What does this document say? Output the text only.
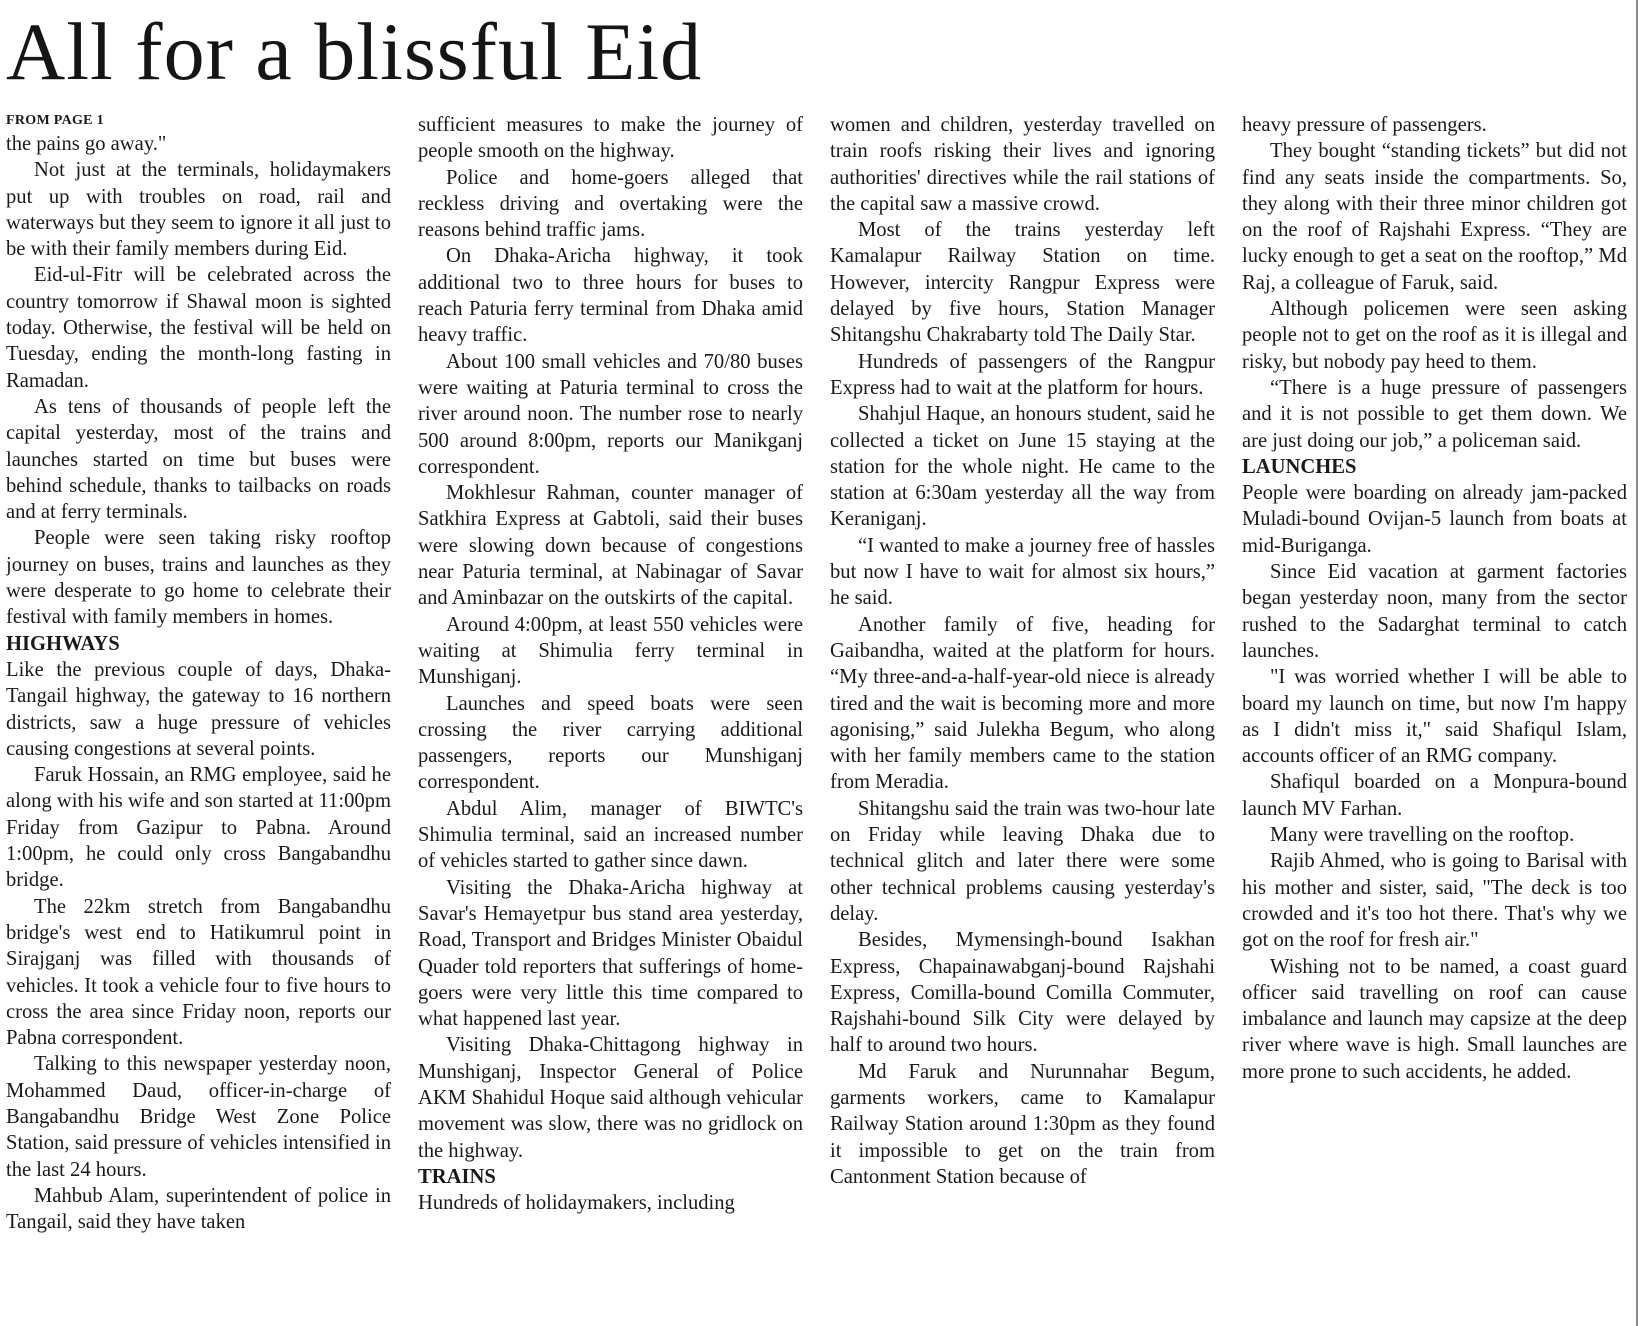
All for a blissful Eid
FROM PAGE 1

the pains go away."

Not just at the terminals, holidaymakers put up with troubles on road, rail and waterways but they seem to ignore it all just to be with their family members during Eid.

Eid-ul-Fitr will be celebrated across the country tomorrow if Shawal moon is sighted today. Otherwise, the festival will be held on Tuesday, ending the month-long fasting in Ramadan.

As tens of thousands of people left the capital yesterday, most of the trains and launches started on time but buses were behind schedule, thanks to tailbacks on roads and at ferry terminals.

People were seen taking risky rooftop journey on buses, trains and launches as they were desperate to go home to celebrate their festival with family members in homes.

HIGHWAYS

Like the previous couple of days, Dhaka-Tangail highway, the gateway to 16 northern districts, saw a huge pressure of vehicles causing congestions at several points.

Faruk Hossain, an RMG employee, said he along with his wife and son started at 11:00pm Friday from Gazipur to Pabna. Around 1:00pm, he could only cross Bangabandhu bridge.

The 22km stretch from Bangabandhu bridge's west end to Hatikumrul point in Sirajganj was filled with thousands of vehicles. It took a vehicle four to five hours to cross the area since Friday noon, reports our Pabna correspondent.

Talking to this newspaper yesterday noon, Mohammed Daud, officer-in-charge of Bangabandhu Bridge West Zone Police Station, said pressure of vehicles intensified in the last 24 hours.

Mahbub Alam, superintendent of police in Tangail, said they have taken

sufficient measures to make the journey of people smooth on the highway.

Police and home-goers alleged that reckless driving and overtaking were the reasons behind traffic jams.

On Dhaka-Aricha highway, it took additional two to three hours for buses to reach Paturia ferry terminal from Dhaka amid heavy traffic.

About 100 small vehicles and 70/80 buses were waiting at Paturia terminal to cross the river around noon. The number rose to nearly 500 around 8:00pm, reports our Manikganj correspondent.

Mokhlesur Rahman, counter manager of Satkhira Express at Gabtoli, said their buses were slowing down because of congestions near Paturia terminal, at Nabinagar of Savar and Aminbazar on the outskirts of the capital.

Around 4:00pm, at least 550 vehicles were waiting at Shimulia ferry terminal in Munshiganj.

Launches and speed boats were seen crossing the river carrying additional passengers, reports our Munshiganj correspondent.

Abdul Alim, manager of BIWTC's Shimulia terminal, said an increased number of vehicles started to gather since dawn.

Visiting the Dhaka-Aricha highway at Savar's Hemayetpur bus stand area yesterday, Road, Transport and Bridges Minister Obaidul Quader told reporters that sufferings of home-goers were very little this time compared to what happened last year.

Visiting Dhaka-Chittagong highway in Munshiganj, Inspector General of Police AKM Shahidul Hoque said although vehicular movement was slow, there was no gridlock on the highway.

TRAINS

Hundreds of holidaymakers, including

women and children, yesterday travelled on train roofs risking their lives and ignoring authorities' directives while the rail stations of the capital saw a massive crowd.

Most of the trains yesterday left Kamalapur Railway Station on time. However, intercity Rangpur Express were delayed by five hours, Station Manager Shitangshu Chakrabarty told The Daily Star.

Hundreds of passengers of the Rangpur Express had to wait at the platform for hours.

Shahjul Haque, an honours student, said he collected a ticket on June 15 staying at the station for the whole night. He came to the station at 6:30am yesterday all the way from Keraniganj.

“I wanted to make a journey free of hassles but now I have to wait for almost six hours,” he said.

Another family of five, heading for Gaibandha, waited at the platform for hours. “My three-and-a-half-year-old niece is already tired and the wait is becoming more and more agonising,” said Julekha Begum, who along with her family members came to the station from Meradia.

Shitangshu said the train was two-hour late on Friday while leaving Dhaka due to technical glitch and later there were some other technical problems causing yesterday's delay.

Besides, Mymensingh-bound Isakhan Express, Chapainawabganj-bound Rajshahi Express, Comilla-bound Comilla Commuter, Rajshahi-bound Silk City were delayed by half to around two hours.

Md Faruk and Nurunnahar Begum, garments workers, came to Kamalapur Railway Station around 1:30pm as they found it impossible to get on the train from Cantonment Station because of

heavy pressure of passengers.

They bought “standing tickets” but did not find any seats inside the compartments. So, they along with their three minor children got on the roof of Rajshahi Express. “They are lucky enough to get a seat on the rooftop,” Md Raj, a colleague of Faruk, said.

Although policemen were seen asking people not to get on the roof as it is illegal and risky, but nobody pay heed to them.

“There is a huge pressure of passengers and it is not possible to get them down. We are just doing our job,” a policeman said.

LAUNCHES

People were boarding on already jam-packed Muladi-bound Ovijan-5 launch from boats at mid-Buriganga.

Since Eid vacation at garment factories began yesterday noon, many from the sector rushed to the Sadarghat terminal to catch launches.

"I was worried whether I will be able to board my launch on time, but now I'm happy as I didn't miss it," said Shafiqul Islam, accounts officer of an RMG company.

Shafiqul boarded on a Monpura-bound launch MV Farhan.

Many were travelling on the rooftop.

Rajib Ahmed, who is going to Barisal with his mother and sister, said, "The deck is too crowded and it's too hot there. That's why we got on the roof for fresh air."

Wishing not to be named, a coast guard officer said travelling on roof can cause imbalance and launch may capsize at the deep river where wave is high. Small launches are more prone to such accidents, he added.
